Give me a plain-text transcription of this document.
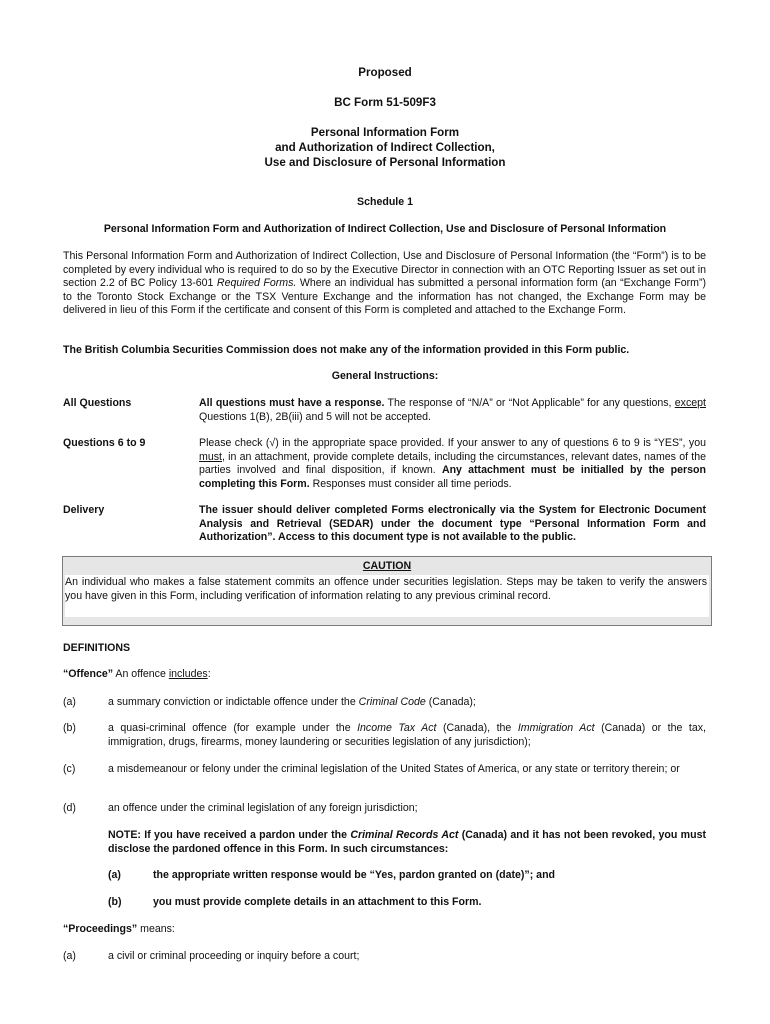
Proposed
BC Form 51-509F3
Personal Information Form
and Authorization of Indirect Collection,
Use and Disclosure of Personal Information
Schedule 1
Personal Information Form and Authorization of Indirect Collection, Use and Disclosure of Personal Information
This Personal Information Form and Authorization of Indirect Collection, Use and Disclosure of Personal Information (the “Form”) is to be completed by every individual who is required to do so by the Executive Director in connection with an OTC Reporting Issuer as set out in section 2.2 of BC Policy 13-601 Required Forms. Where an individual has submitted a personal information form (an “Exchange Form”) to the Toronto Stock Exchange or the TSX Venture Exchange and the information has not changed, the Exchange Form may be delivered in lieu of this Form if the certificate and consent of this Form is completed and attached to the Exchange Form.
The British Columbia Securities Commission does not make any of the information provided in this Form public.
General Instructions:
All Questions	All questions must have a response. The response of “N/A” or “Not Applicable” for any questions, except Questions 1(B), 2B(iii) and 5 will not be accepted.
Questions 6 to 9	Please check (√) in the appropriate space provided. If your answer to any of questions 6 to 9 is “YES”, you must, in an attachment, provide complete details, including the circumstances, relevant dates, names of the parties involved and final disposition, if known. Any attachment must be initialled by the person completing this Form. Responses must consider all time periods.
Delivery	The issuer should deliver completed Forms electronically via the System for Electronic Document Analysis and Retrieval (SEDAR) under the document type “Personal Information Form and Authorization”. Access to this document type is not available to the public.
CAUTION
An individual who makes a false statement commits an offence under securities legislation. Steps may be taken to verify the answers you have given in this Form, including verification of information relating to any previous criminal record.
DEFINITIONS
“Offence” An offence includes:
(a)	a summary conviction or indictable offence under the Criminal Code (Canada);
(b)	a quasi-criminal offence (for example under the Income Tax Act (Canada), the Immigration Act (Canada) or the tax, immigration, drugs, firearms, money laundering or securities legislation of any jurisdiction);
(c)	a misdemeanour or felony under the criminal legislation of the United States of America, or any state or territory therein; or
(d)	an offence under the criminal legislation of any foreign jurisdiction;
NOTE: If you have received a pardon under the Criminal Records Act (Canada) and it has not been revoked, you must disclose the pardoned offence in this Form. In such circumstances:
(a)	the appropriate written response would be “Yes, pardon granted on (date)”; and
(b)	you must provide complete details in an attachment to this Form.
“Proceedings” means:
(a)	a civil or criminal proceeding or inquiry before a court;
